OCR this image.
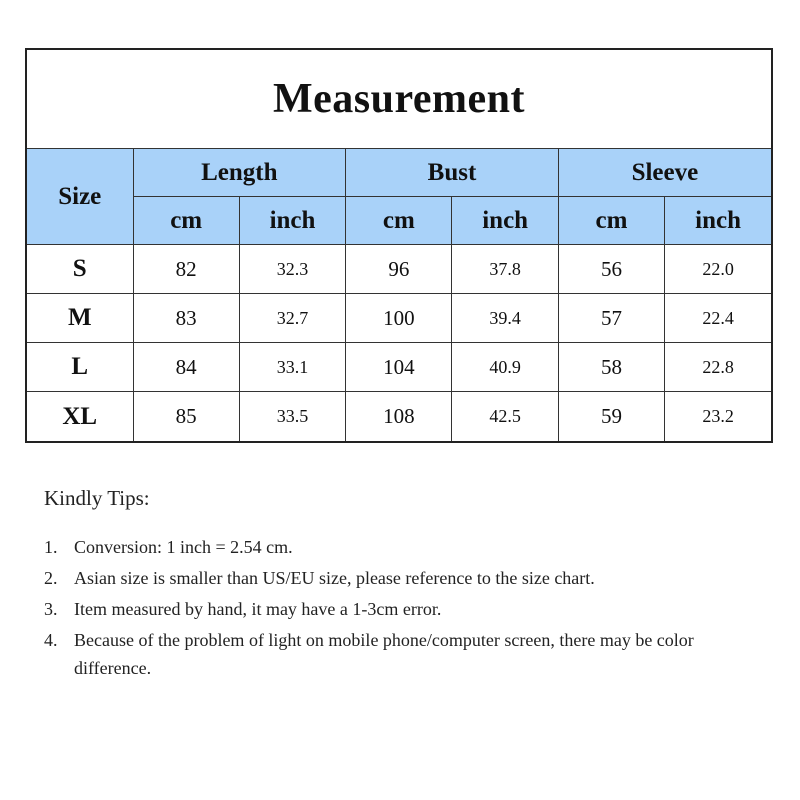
Measurement						
Size	Length		Bust		Sleeve	
	cm	inch	cm	inch	cm	inch
S	82	32.3	96	37.8	56	22.0
M	83	32.7	100	39.4	57	22.4
L	84	33.1	104	40.9	58	22.8
XL	85	33.5	108	42.5	59	23.2
Kindly Tips:
1. Conversion: 1 inch = 2.54 cm.
2. Asian size is smaller than US/EU size, please reference to the size chart.
3. Item measured by hand, it may have a 1-3cm error.
4. Because of the problem of light on mobile phone/computer screen, there may be color difference.
